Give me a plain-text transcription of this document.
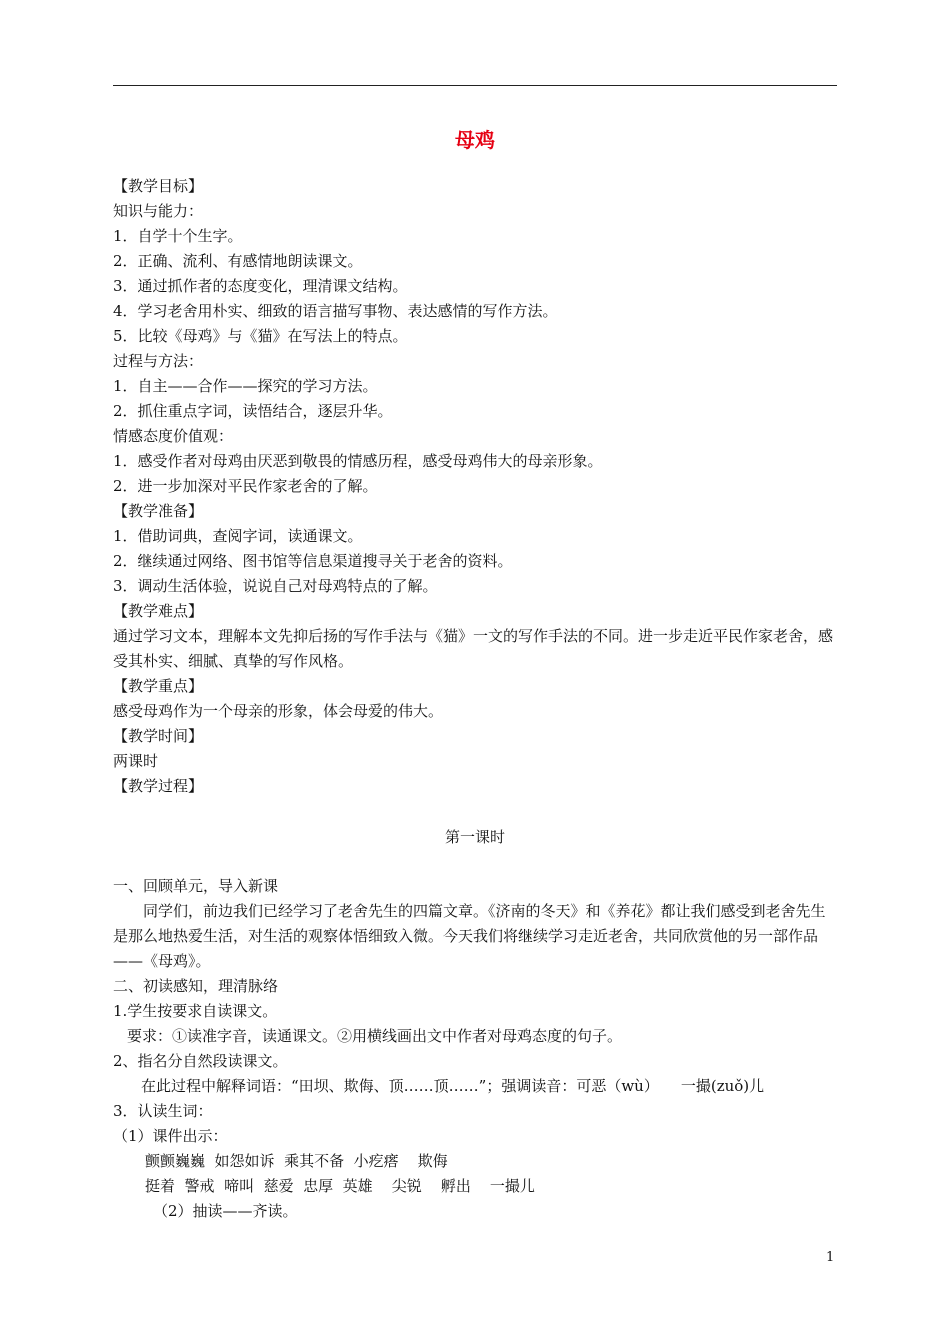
母鸡
【教学目标】
知识与能力：
1．自学十个生字。
2．正确、流利、有感情地朗读课文。
3．通过抓作者的态度变化，理清课文结构。
4．学习老舍用朴实、细致的语言描写事物、表达感情的写作方法。
5．比较《母鸡》与《猫》在写法上的特点。
过程与方法：
1．自主——合作——探究的学习方法。
2．抓住重点字词，读悟结合，逐层升华。
情感态度价值观：
1．感受作者对母鸡由厌恶到敬畏的情感历程，感受母鸡伟大的母亲形象。
2．进一步加深对平民作家老舍的了解。
【教学准备】
1．借助词典，查阅字词，读通课文。
2．继续通过网络、图书馆等信息渠道搜寻关于老舍的资料。
3．调动生活体验，说说自己对母鸡特点的了解。
【教学难点】
通过学习文本，理解本文先抑后扬的写作手法与《猫》一文的写作手法的不同。进一步走近平民作家老舍，感受其朴实、细腻、真挚的写作风格。
【教学重点】
感受母鸡作为一个母亲的形象，体会母爱的伟大。
【教学时间】
两课时
【教学过程】
第一课时
一、回顾单元，导入新课
同学们，前边我们已经学习了老舍先生的四篇文章。《济南的冬天》和《养花》都让我们感受到老舍先生是那么地热爱生活，对生活的观察体悟细致入微。今天我们将继续学习走近老舍，共同欣赏他的另一部作品——《母鸡》。
二、初读感知，理清脉络
1.学生按要求自读课文。
要求：①读准字音，读通课文。②用横线画出文中作者对母鸡态度的句子。
2、指名分自然段读课文。
在此过程中解释词语：“田坝、欺侮、顶……顶……”；强调读音：可恶（wù） 一撮(zuǒ)儿
3．认读生词：
（1）课件出示：
颤颤巍巍  如怨如诉  乘其不备  小疙瘩    欺侮
挺着  警戒  啼叫  慈爱  忠厚  英雄    尖锐    孵出    一撮儿
（2）抽读——齐读。
1
